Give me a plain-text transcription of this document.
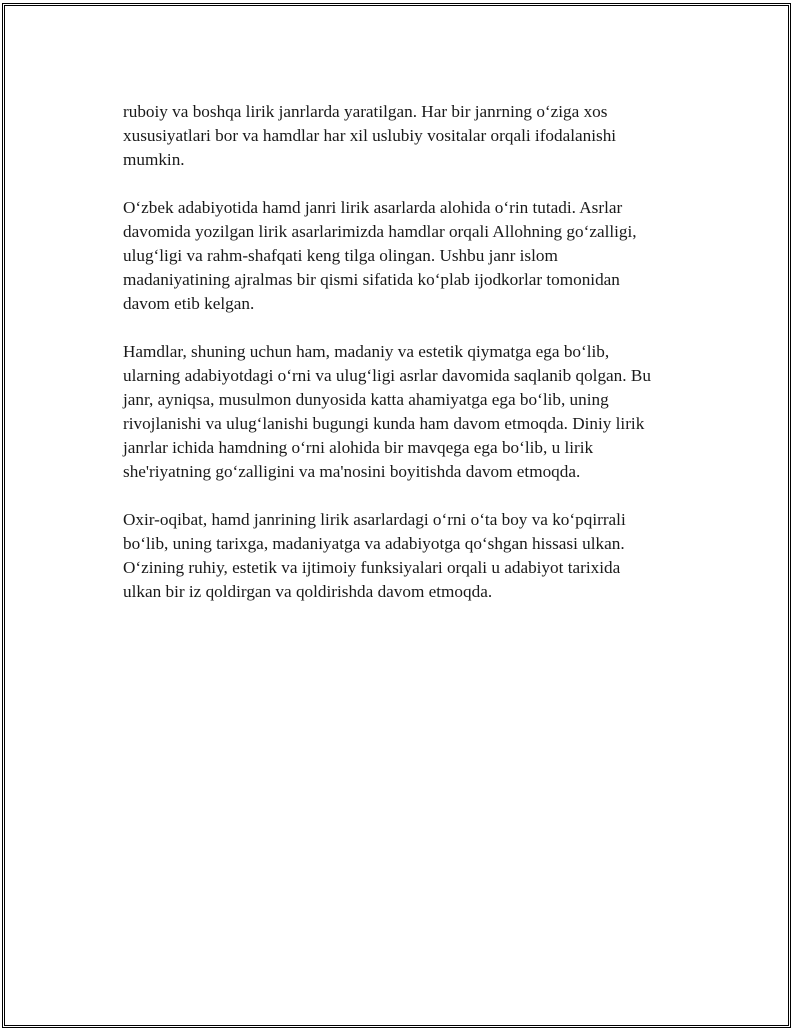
ruboiy va boshqa lirik janrlarda yaratilgan. Har bir janrning o‘ziga xos
xususiyatlari bor va hamdlar har xil uslubiy vositalar orqali ifodalanishi
mumkin.

O‘zbek adabiyotida hamd janri lirik asarlarda alohida o‘rin tutadi. Asrlar
davomida yozilgan lirik asarlarimizda hamdlar orqali Allohning go‘zalligi,
ulug‘ligi va rahm-shafqati keng tilga olingan. Ushbu janr islom
madaniyatining ajralmas bir qismi sifatida ko‘plab ijodkorlar tomonidan
davom etib kelgan.

Hamdlar, shuning uchun ham, madaniy va estetik qiymatga ega bo‘lib,
ularning adabiyotdagi o‘rni va ulug‘ligi asrlar davomida saqlanib qolgan. Bu
janr, ayniqsa, musulmon dunyosida katta ahamiyatga ega bo‘lib, uning
rivojlanishi va ulug‘lanishi bugungi kunda ham davom etmoqda. Diniy lirik
janrlar ichida hamdning o‘rni alohida bir mavqega ega bo‘lib, u lirik
she'riyatning go‘zalligini va ma'nosini boyitishda davom etmoqda.

Oxir-oqibat, hamd janrining lirik asarlardagi o‘rni o‘ta boy va ko‘pqirrali
bo‘lib, uning tarixga, madaniyatga va adabiyotga qo‘shgan hissasi ulkan.
O‘zining ruhiy, estetik va ijtimoiy funksiyalari orqali u adabiyot tarixida
ulkan bir iz qoldirgan va qoldirishda davom etmoqda.
